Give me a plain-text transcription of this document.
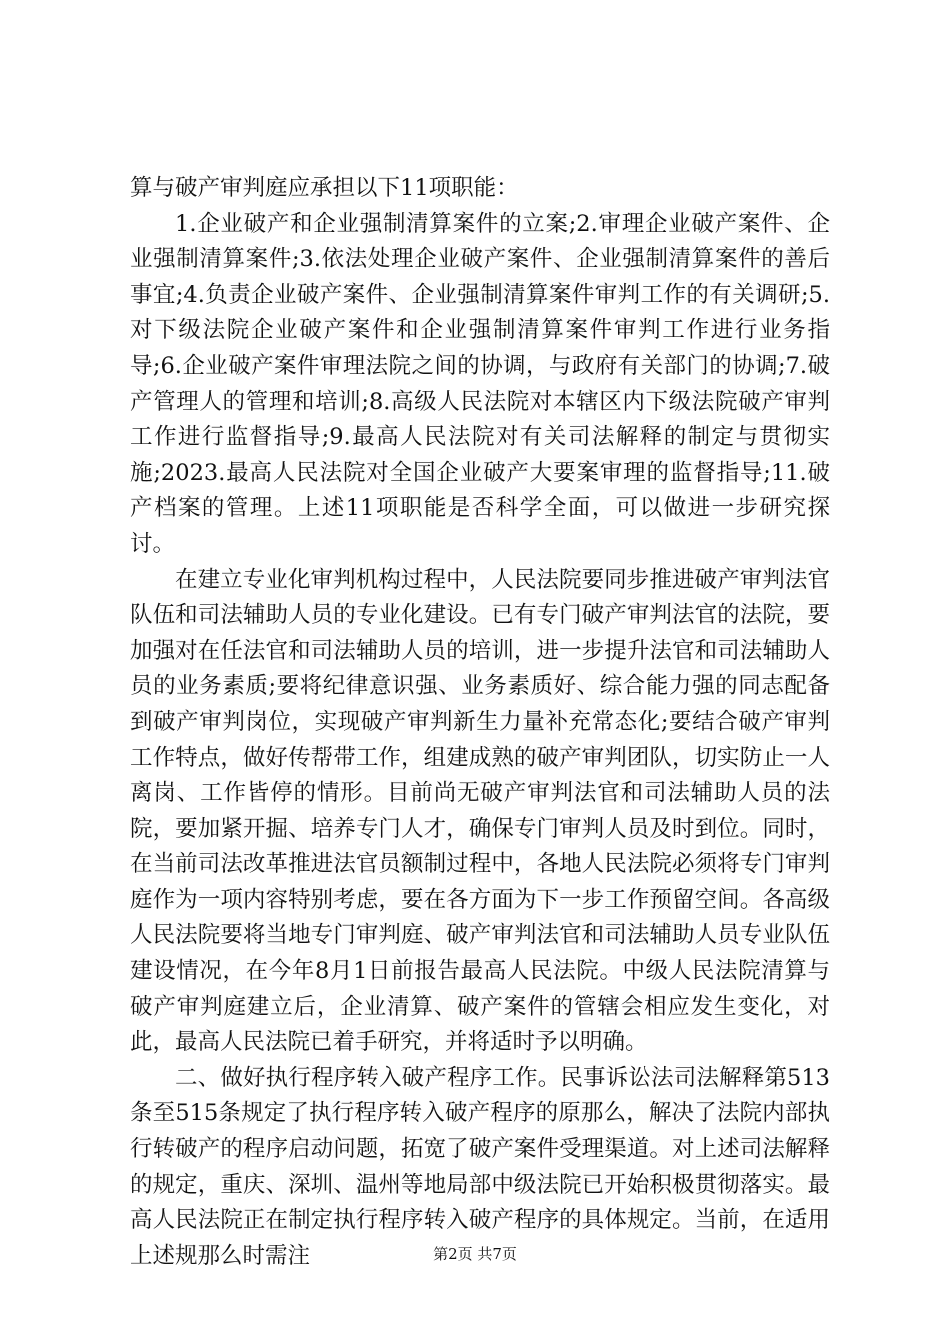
算与破产审判庭应承担以下11项职能：

1.企业破产和企业强制清算案件的立案;2.审理企业破产案件、企业强制清算案件;3.依法处理企业破产案件、企业强制清算案件的善后事宜;4.负责企业破产案件、企业强制清算案件审判工作的有关调研;5.对下级法院企业破产案件和企业强制清算案件审判工作进行业务指导;6.企业破产案件审理法院之间的协调，与政府有关部门的协调;7.破产管理人的管理和培训;8.高级人民法院对本辖区内下级法院破产审判工作进行监督指导;9.最高人民法院对有关司法解释的制定与贯彻实施;2023.最高人民法院对全国企业破产大要案审理的监督指导;11.破产档案的管理。上述11项职能是否科学全面，可以做进一步研究探讨。

在建立专业化审判机构过程中，人民法院要同步推进破产审判法官队伍和司法辅助人员的专业化建设。已有专门破产审判法官的法院，要加强对在任法官和司法辅助人员的培训，进一步提升法官和司法辅助人员的业务素质;要将纪律意识强、业务素质好、综合能力强的同志配备到破产审判岗位，实现破产审判新生力量补充常态化;要结合破产审判工作特点，做好传帮带工作，组建成熟的破产审判团队，切实防止一人离岗、工作皆停的情形。目前尚无破产审判法官和司法辅助人员的法院，要加紧开掘、培养专门人才，确保专门审判人员及时到位。同时，在当前司法改革推进法官员额制过程中，各地人民法院必须将专门审判庭作为一项内容特别考虑，要在各方面为下一步工作预留空间。各高级人民法院要将当地专门审判庭、破产审判法官和司法辅助人员专业队伍建设情况，在今年8月1日前报告最高人民法院。中级人民法院清算与破产审判庭建立后，企业清算、破产案件的管辖会相应发生变化，对此，最高人民法院已着手研究，并将适时予以明确。

二、做好执行程序转入破产程序工作。民事诉讼法司法解释第513条至515条规定了执行程序转入破产程序的原那么，解决了法院内部执行转破产的程序启动问题，拓宽了破产案件受理渠道。对上述司法解释的规定，重庆、深圳、温州等地局部中级法院已开始积极贯彻落实。最高人民法院正在制定执行程序转入破产程序的具体规定。当前，在适用上述规那么时需注	第2页 共7页
